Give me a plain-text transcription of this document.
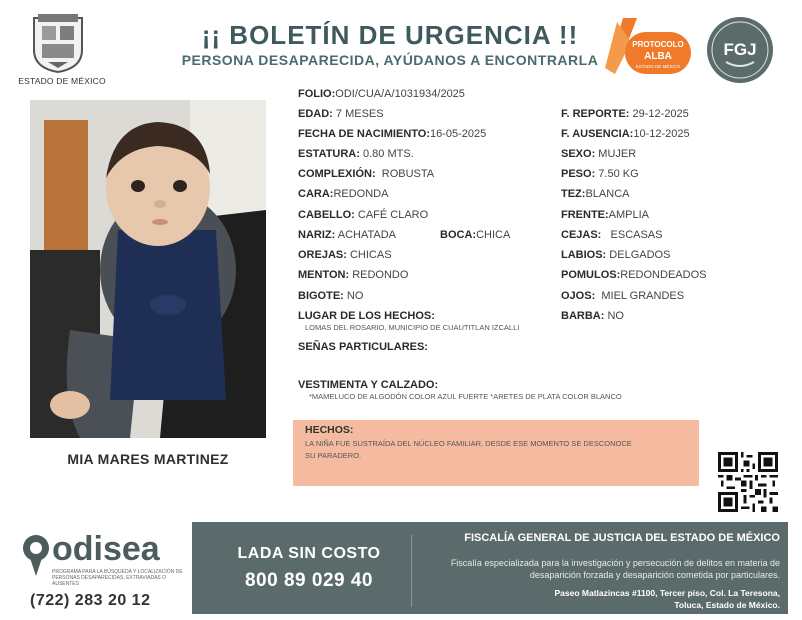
ESTADO DE MÉXICO
¡¡ BOLETÍN DE URGENCIA !!
PERSONA DESAPARECIDA, AYÚDANOS A ENCONTRARLA
PROTOCOLO
ALBA
ESTADO DE MÉXICO
FGJ
MIA MARES MARTINEZ
FOLIO:ODI/CUA/A/1031934/2025
EDAD: 7 MESES	F. REPORTE: 29-12-2025
FECHA DE NACIMIENTO:16-05-2025	F. AUSENCIA:10-12-2025
ESTATURA: 0.80 MTS.	SEXO: MUJER
COMPLEXIÓN: ROBUSTA	PESO: 7.50 KG
CARA:REDONDA	TEZ:BLANCA
CABELLO: CAFÉ CLARO	FRENTE:AMPLIA
NARIZ: ACHATADA	BOCA:CHICA	CEJAS: ESCASAS
OREJAS: CHICAS	LABIOS: DELGADOS
MENTON: REDONDO	POMULOS:REDONDEADOS
BIGOTE: NO	OJOS: MIEL GRANDES
LUGAR DE LOS HECHOS:
LOMAS DEL ROSARIO, MUNICIPIO DE CUAUTITLAN IZCALLI
BARBA: NO
SEÑAS PARTICULARES:
VESTIMENTA Y CALZADO:
*MAMELUCO DE ALGODÓN COLOR AZUL FUERTE *ARETES DE PLATA COLOR BLANCO
HECHOS:
LA NIÑA FUE SUSTRAÍDA DEL NÚCLEO FAMILIAR, DESDE ESE MOMENTO SE DESCONOCE SU PARADERO.
odisea
PROGRAMA PARA LA BÚSQUEDA Y LOCALIZACIÓN DE PERSONAS DESAPARECIDAS, EXTRAVIADAS O AUSENTES
(722) 283 20 12
LADA SIN COSTO
800 89 029 40
FISCALÍA GENERAL DE JUSTICIA DEL ESTADO DE MÉXICO
Fiscalía especializada para la investigación y persecución de delitos en materia de desaparición forzada y desaparición cometida por particulares.
Paseo Matlazincas #1100, Tercer piso, Col. La Teresona,
Toluca, Estado de México.
